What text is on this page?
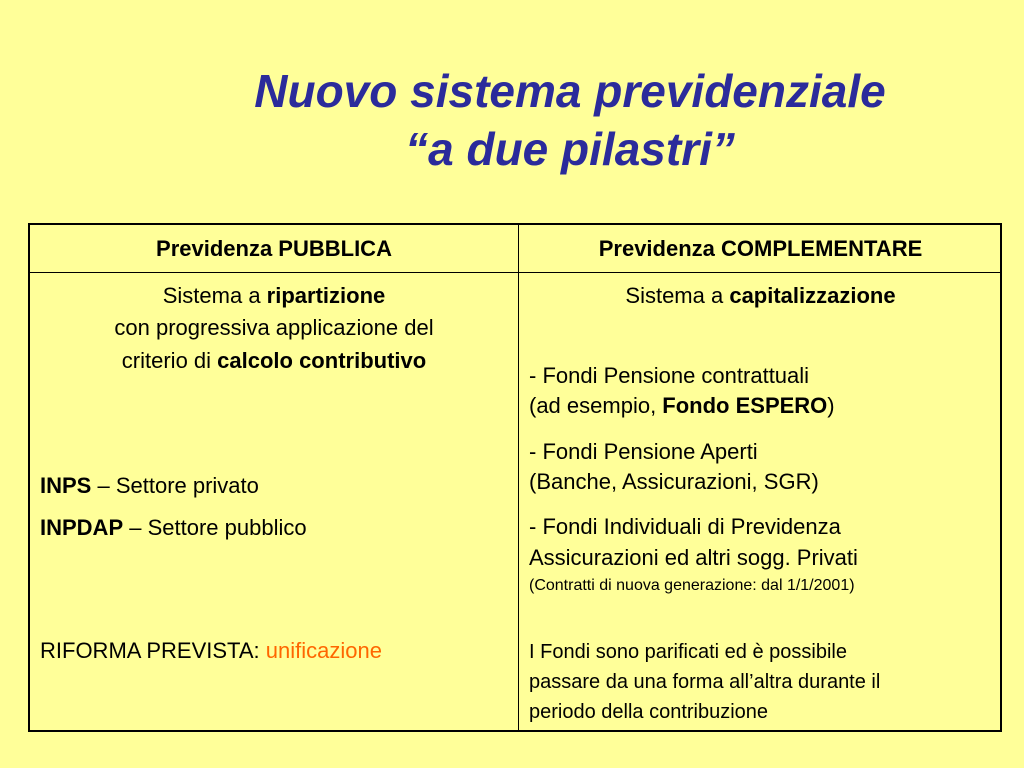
Nuovo sistema previdenziale
“a due pilastri”
Previdenza PUBBLICA	Previdenza COMPLEMENTARE
Sistema a ripartizione
con progressiva applicazione del
criterio di calcolo contributivo
INPS – Settore privato
INPDAP – Settore pubblico
RIFORMA PREVISTA: unificazione
Sistema a capitalizzazione
- Fondi Pensione contrattuali
(ad esempio, Fondo ESPERO)
- Fondi Pensione Aperti
(Banche, Assicurazioni, SGR)
- Fondi Individuali di Previdenza
Assicurazioni ed altri sogg. Privati
(Contratti di nuova generazione: dal 1/1/2001)
I Fondi sono parificati ed è possibile
passare da una forma all’altra durante il
periodo della contribuzione
